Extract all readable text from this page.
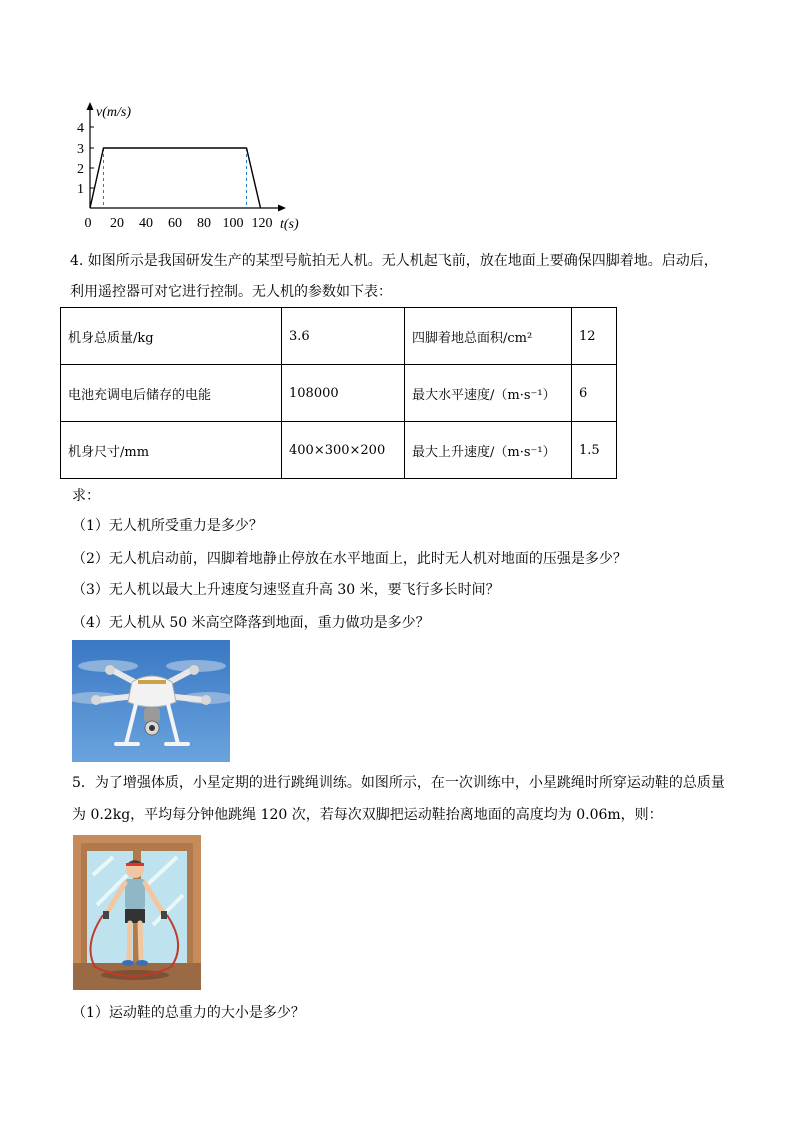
v(m/s)
t(s)
1
2
3
4
0 20 40 60 80 100 120
4. 如图所示是我国研发生产的某型号航拍无人机。无人机起飞前，放在地面上要确保四脚着地。启动后，
利用遥控器可对它进行控制。无人机的参数如下表：
机身总质量/kg	3.6	四脚着地总面积/cm²	12
电池充调电后储存的电能	108000	最大水平速度/（m·s⁻¹）	6
机身尺寸/mm	400×300×200	最大上升速度/（m·s⁻¹）	1.5
求：
（1）无人机所受重力是多少？
（2）无人机启动前，四脚着地静止停放在水平地面上，此时无人机对地面的压强是多少？
（3）无人机以最大上升速度匀速竖直升高 30 米，要飞行多长时间？
（4）无人机从 50 米高空降落到地面，重力做功是多少？
5．为了增强体质，小星定期的进行跳绳训练。如图所示，在一次训练中，小星跳绳时所穿运动鞋的总质量
为 0.2kg，平均每分钟他跳绳 120 次，若每次双脚把运动鞋抬离地面的高度均为 0.06m，则：
（1）运动鞋的总重力的大小是多少？
